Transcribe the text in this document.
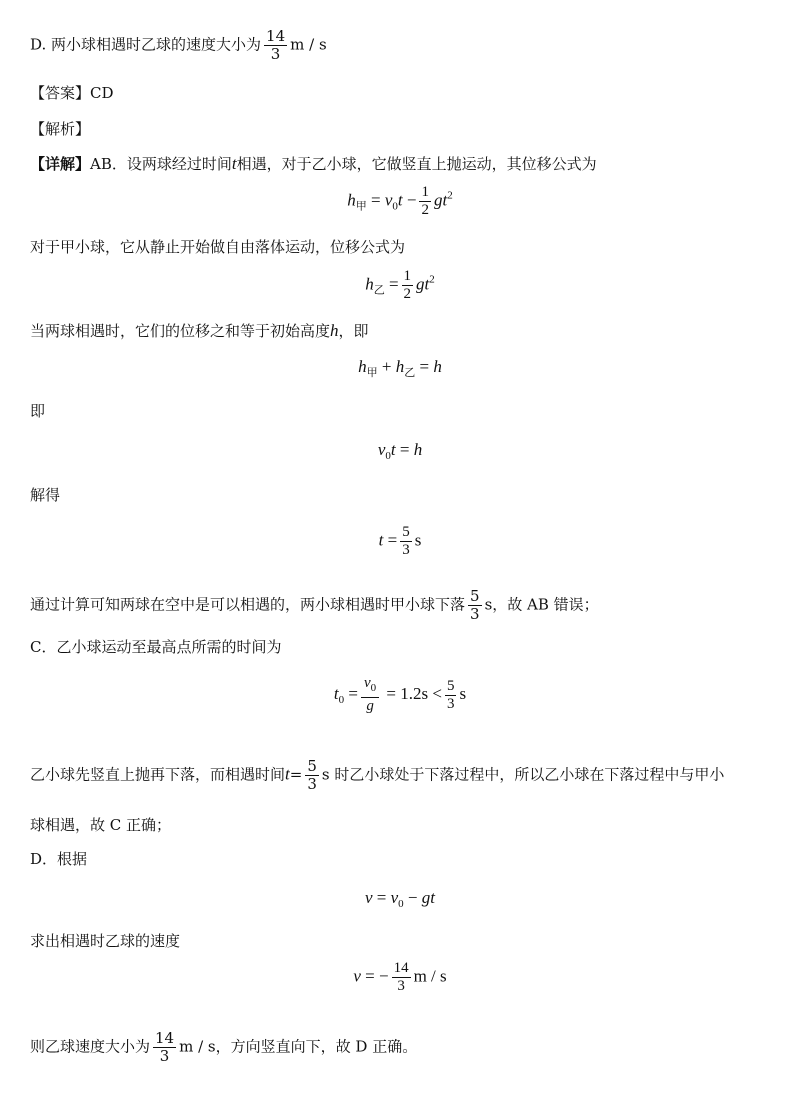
D. 两小球相遇时乙球的速度大小为 $\frac{14}{3}$ m / s
【答案】CD
【解析】
【详解】AB．设两球经过时间t相遇，对于乙小球，它做竖直上抛运动，其位移公式为
$h_甲 = v_0t - \frac{1}{2} gt^2$
对于甲小球，它从静止开始做自由落体运动，位移公式为
$h_乙 = \frac{1}{2} gt^2$
当两球相遇时，它们的位移之和等于初始高度h，即
$h_甲 + h_乙 = h$
即
$v_0t = h$
解得
$t = \frac{5}{3}$ s
通过计算可知两球在空中是可以相遇的，两小球相遇时甲小球下落 $\frac{5}{3}$ s，故 AB 错误；
C．乙小球运动至最高点所需的时间为
$t_0 = \frac{v_0}{g} = 1.2s < \frac{5}{3}$ s
乙小球先竖直上抛再下落，而相遇时间$t= \frac{5}{3}$ s 时乙小球处于下落过程中，所以乙小球在下落过程中与甲小
球相遇，故 C 正确；
D．根据
$v = v_0$ − gt
求出相遇时乙球的速度
v = − $\frac{14}{3}$ m / s
则乙球速度大小为 $\frac{14}{3}$ m / s，方向竖直向下，故 D 正确。
